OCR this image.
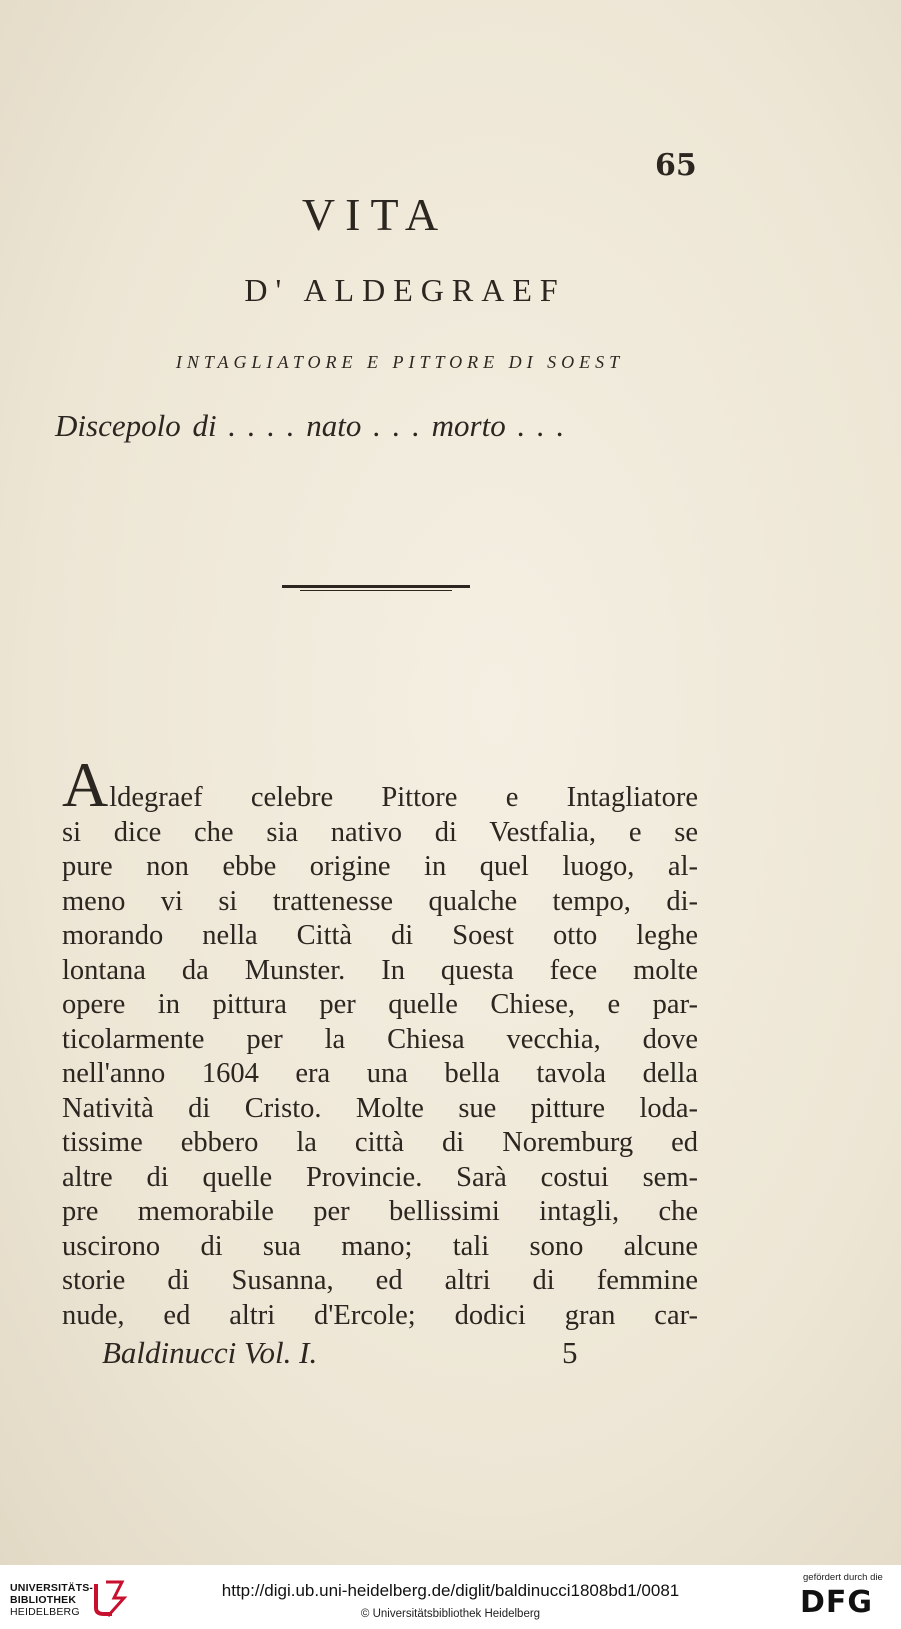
65
VITA
D' ALDEGRAEF
INTAGLIATORE E PITTORE DI SOEST
Discepolo di . . . . nato . . . morto . . .
Aldegraef celebre Pittore e Intagliatore
si dice che sia nativo di Vestfalia, e se
pure non ebbe origine in quel luogo, al-
meno vi si trattenesse qualche tempo, di-
morando nella Città di Soest otto leghe
lontana da Munster. In questa fece molte
opere in pittura per quelle Chiese, e par-
ticolarmente per la Chiesa vecchia, dove
nell'anno 1604 era una bella tavola della
Natività di Cristo. Molte sue pitture loda-
tissime ebbero la città di Noremburg ed
altre di quelle Provincie. Sarà costui sem-
pre memorabile per bellissimi intagli, che
uscirono di sua mano; tali sono alcune
storie di Susanna, ed altri di femmine
nude, ed altri d'Ercole; dodici gran car-
Baldinucci Vol. I.	5
UNIVERSITÄTS-
BIBLIOTHEK
HEIDELBERG
http://digi.ub.uni-heidelberg.de/diglit/baldinucci1808bd1/0081
© Universitätsbibliothek Heidelberg
gefördert durch die
DFG
